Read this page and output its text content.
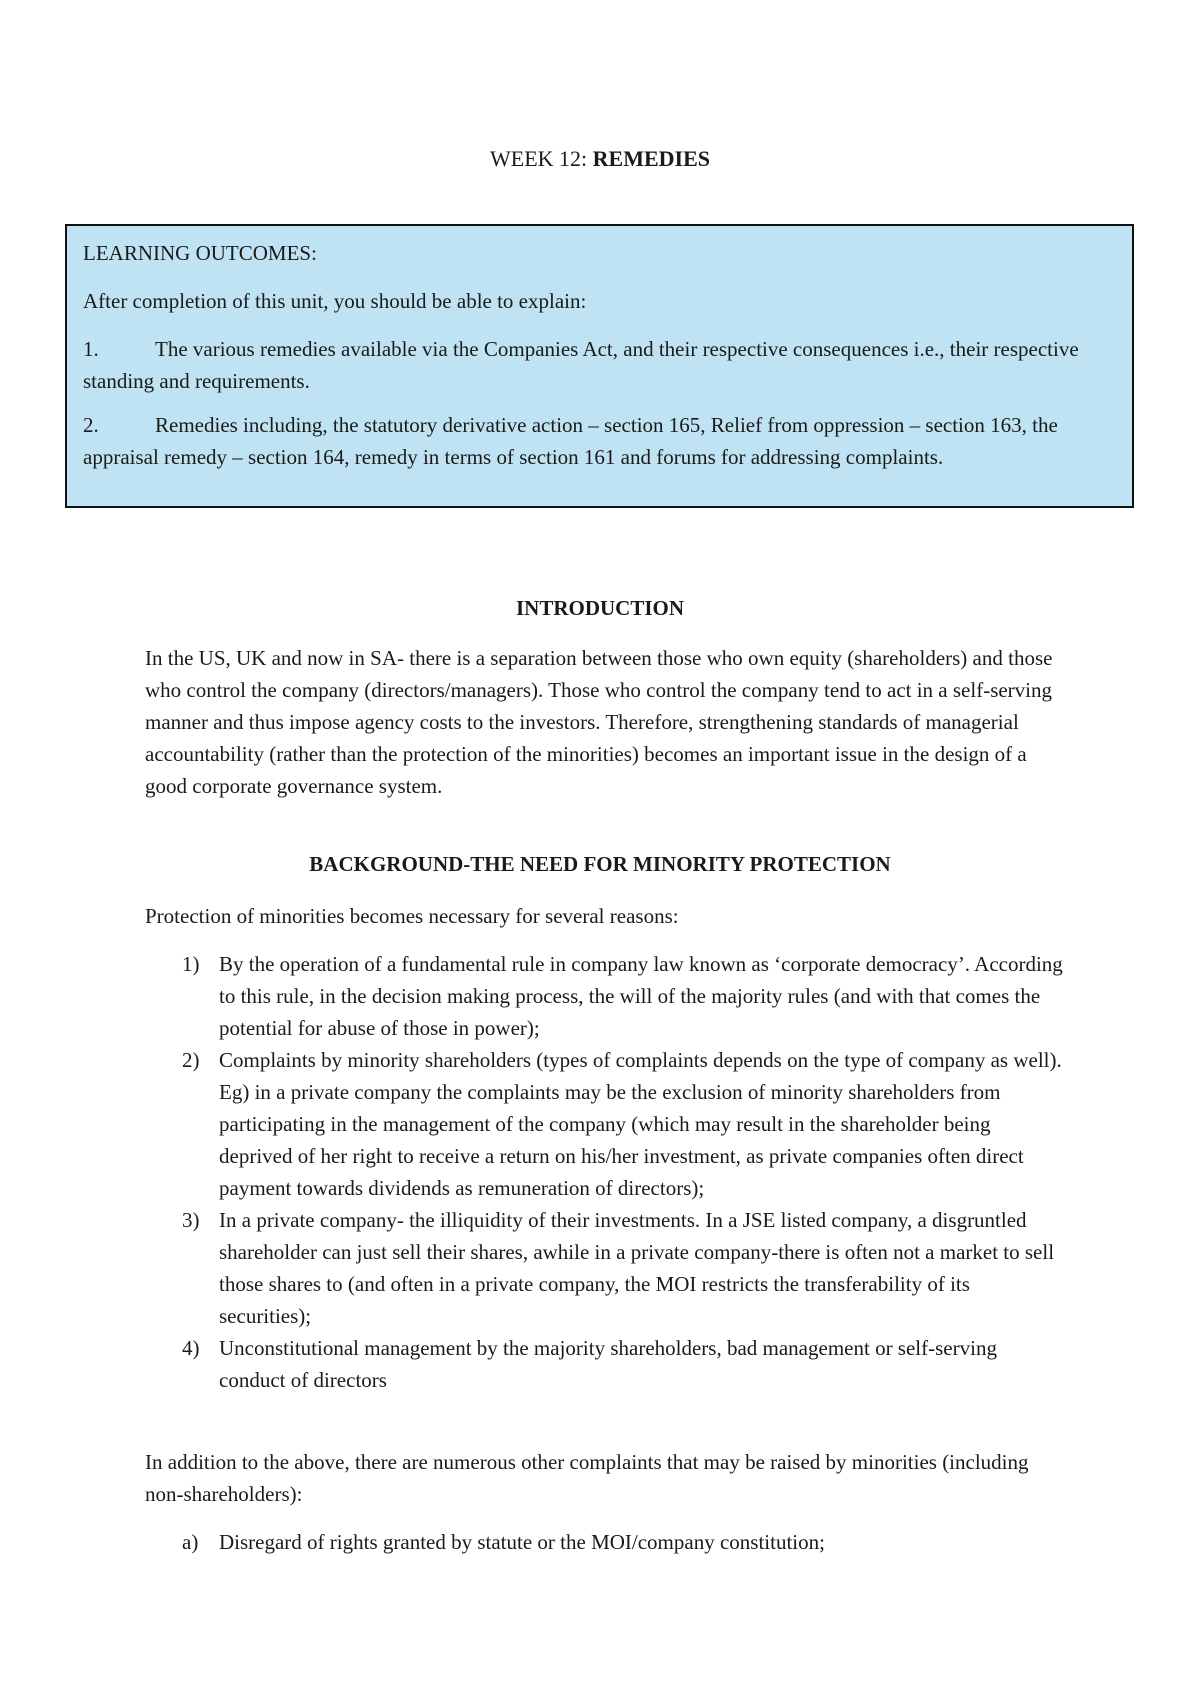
WEEK 12: REMEDIES

LEARNING OUTCOMES:

After completion of this unit, you should be able to explain:

1.	The various remedies available via the Companies Act, and their respective consequences i.e., their respective standing and requirements.

2.	Remedies including, the statutory derivative action – section 165, Relief from oppression – section 163, the appraisal remedy – section 164, remedy in terms of section 161 and forums for addressing complaints.

INTRODUCTION
In the US, UK and now in SA- there is a separation between those who own equity (shareholders) and those who control the company (directors/managers). Those who control the company tend to act in a self-serving manner and thus impose agency costs to the investors. Therefore, strengthening standards of managerial accountability (rather than the protection of the minorities) becomes an important issue in the design of a good corporate governance system.
BACKGROUND-THE NEED FOR MINORITY PROTECTION
Protection of minorities becomes necessary for several reasons:
1) By the operation of a fundamental rule in company law known as ‘corporate democracy’. According to this rule, in the decision making process, the will of the majority rules (and with that comes the potential for abuse of those in power);
2) Complaints by minority shareholders (types of complaints depends on the type of company as well). Eg) in a private company the complaints may be the exclusion of minority shareholders from participating in the management of the company (which may result in the shareholder being deprived of her right to receive a return on his/her investment, as private companies often direct payment towards dividends as remuneration of directors);
3) In a private company- the illiquidity of their investments. In a JSE listed company, a disgruntled shareholder can just sell their shares, awhile in a private company-there is often not a market to sell those shares to (and often in a private company, the MOI restricts the transferability of its securities);
4) Unconstitutional management by the majority shareholders, bad management or self-serving conduct of directors
In addition to the above, there are numerous other complaints that may be raised by minorities (including non-shareholders):
a) Disregard of rights granted by statute or the MOI/company constitution;
